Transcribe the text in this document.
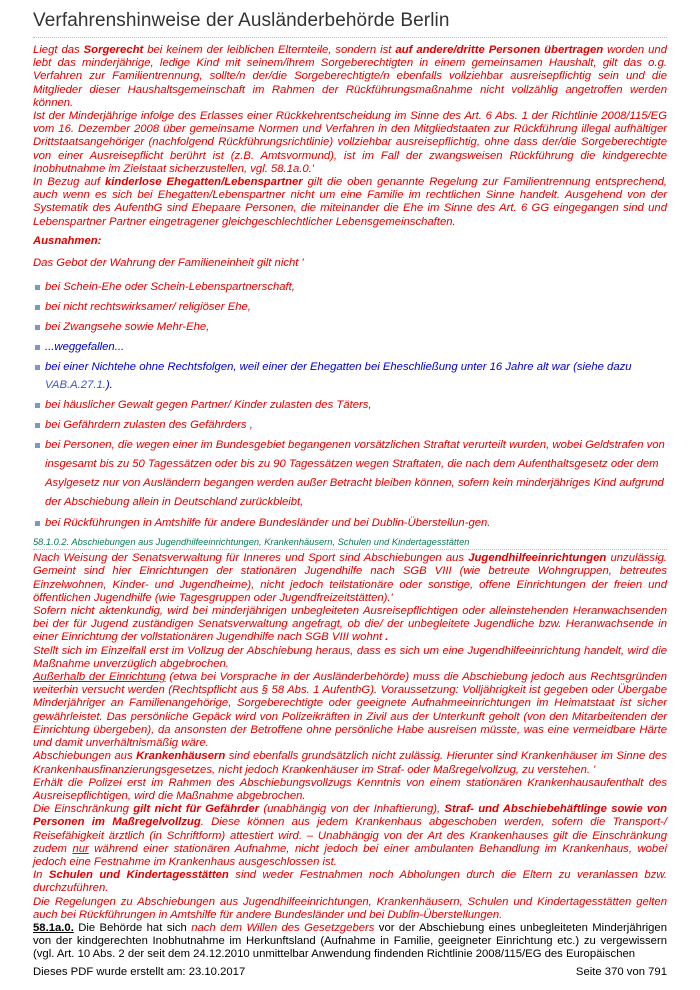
Verfahrenshinweise der Ausländerbehörde Berlin

Liegt das Sorgerecht bei keinem der leiblichen Elternteile, sondern ist auf andere/dritte Personen übertragen worden und lebt das minderjährige, ledige Kind mit seinem/ihrem Sorgeberechtigten in einem gemeinsamen Haushalt, gilt das o.g. Verfahren zur Familientrennung, sollte/n der/die Sorgeberechtigte/n ebenfalls vollziehbar ausreisepflichtig sein und die Mitglieder dieser Haushaltsgemeinschaft im Rahmen der Rückführungsmaßnahme nicht vollzählig angetroffen werden können.

Ist der Minderjährige infolge des Erlasses einer Rückkehrentscheidung im Sinne des Art. 6 Abs. 1 der Richtlinie 2008/115/EG vom 16. Dezember 2008 über gemeinsame Normen und Verfahren in den Mitgliedstaaten zur Rückführung illegal aufhältiger Drittstaatsangehöriger (nachfolgend Rückführungsrichtlinie) vollziehbar ausreisepflichtig, ohne dass der/die Sorgeberechtigte von einer Ausreisepflicht berührt ist (z.B. Amtsvormund), ist im Fall der zwangsweisen Rückführung die kindgerechte Inobhutnahme im Zielstaat sicherzustellen, vgl. 58.1a.0.'

In Bezug auf kinderlose Ehegatten/Lebenspartner gilt die oben genannte Regelung zur Familientrennung entsprechend, auch wenn es sich bei Ehegatten/Lebenspartner nicht um eine Familie im rechtlichen Sinne handelt. Ausgehend von der Systematik des AufenthG sind Ehepaare Personen, die miteinander die Ehe im Sinne des Art. 6 GG eingegangen sind und Lebenspartner Partner eingetragener gleichgeschlechtlicher Lebensgemeinschaften.

Ausnahmen:

Das Gebot der Wahrung der Familieneinheit gilt nicht '

bei Schein-Ehe oder Schein-Lebenspartnerschaft,
bei nicht rechtswirksamer/ religiöser Ehe,
bei Zwangsehe sowie Mehr-Ehe,
...weggefallen...
bei einer Nichtehe ohne Rechtsfolgen, weil einer der Ehegatten bei Eheschließung unter 16 Jahre alt war (siehe dazu VAB.A.27.1.).
bei häuslicher Gewalt gegen Partner/ Kinder zulasten des Täters,
bei Gefährdern zulasten des Gefährders ,
bei Personen, die wegen einer im Bundesgebiet begangenen vorsätzlichen Straftat verurteilt wurden, wobei Geldstrafen von insgesamt bis zu 50 Tagessätzen oder bis zu 90 Tagessätzen wegen Straftaten, die nach dem Aufenthaltsgesetz oder dem Asylgesetz nur von Ausländern begangen werden außer Betracht bleiben können, sofern kein minderjähriges Kind aufgrund der Abschiebung allein in Deutschland zurückbleibt,
bei Rückführungen in Amtshilfe für andere Bundesländer und bei Dublin-Überstellun-gen.
58.1.0.2. Abschiebungen aus Jugendhilfeeinrichtungen, Krankenhäusern, Schulen und Kindertagesstätten

Nach Weisung der Senatsverwaltung für Inneres und Sport sind Abschiebungen aus Jugendhilfeeinrichtungen unzulässig. Gemeint sind hier Einrichtungen der stationären Jugendhilfe nach SGB VIII (wie betreute Wohngruppen, betreutes Einzelwohnen, Kinder- und Jugendheime), nicht jedoch teilstationäre oder sonstige, offene Einrichtungen der freien und öffentlichen Jugendhilfe (wie Tagesgruppen oder Jugendfreizeitstätten).'

Sofern nicht aktenkundig, wird bei minderjährigen unbegleiteten Ausreisepflichtigen oder alleinstehenden Heranwachsenden bei der für Jugend zuständigen Senatsverwaltung angefragt, ob die/ der unbegleitete Jugendliche bzw. Heranwachsende in einer Einrichtung der vollstationären Jugendhilfe nach SGB VIII wohnt .

Stellt sich im Einzelfall erst im Vollzug der Abschiebung heraus, dass es sich um eine Jugendhilfeeinrichtung handelt, wird die Maßnahme unverzüglich abgebrochen.

Außerhalb der Einrichtung (etwa bei Vorsprache in der Ausländerbehörde) muss die Abschiebung jedoch aus Rechtsgründen weiterhin versucht werden (Rechtspflicht aus § 58 Abs. 1 AufenthG). Voraussetzung: Volljährigkeit ist gegeben oder Übergabe Minderjähriger an Familienangehörige, Sorgeberechtigte oder geeignete Aufnahmeeinrichtungen im Heimatstaat ist sicher gewährleistet. Das persönliche Gepäck wird von Polizeikräften in Zivil aus der Unterkunft geholt (von den Mitarbeitenden der Einrichtung übergeben), da ansonsten der Betroffene ohne persönliche Habe ausreisen müsste, was eine vermeidbare Härte und damit unverhältnismäßig wäre.

Abschiebungen aus Krankenhäusern sind ebenfalls grundsätzlich nicht zulässig. Hierunter sind Krankenhäuser im Sinne des Krankenhausfinanzierungsgesetzes, nicht jedoch Krankenhäuser im Straf- oder Maßregelvollzug, zu verstehen. '

Erhält die Polizei erst im Rahmen des Abschiebungsvollzugs Kenntnis von einem stationären Krankenhausaufenthalt des Ausreisepflichtigen, wird die Maßnahme abgebrochen.

Die Einschränkung gilt nicht für Gefährder (unabhängig von der Inhaftierung), Straf- und Abschiebehäftlinge sowie von Personen im Maßregelvollzug. Diese können aus jedem Krankenhaus abgeschoben werden, sofern die Transport-/ Reisefähigkeit ärztlich (in Schriftform) attestiert wird. – Unabhängig von der Art des Krankenhauses gilt die Einschränkung zudem nur während einer stationären Aufnahme, nicht jedoch bei einer ambulanten Behandlung im Krankenhaus, wobei jedoch eine Festnahme im Krankenhaus ausgeschlossen ist.

In Schulen und Kindertagesstätten sind weder Festnahmen noch Abholungen durch die Eltern zu veranlassen bzw. durchzuführen.

Die Regelungen zu Abschiebungen aus Jugendhilfeeinrichtungen, Krankenhäusern, Schulen und Kindertagesstätten gelten auch bei Rückführungen in Amtshilfe für andere Bundesländer und bei Dublin-Überstellungen.

58.1a.0. Die Behörde hat sich nach dem Willen des Gesetzgebers vor der Abschiebung eines unbegleiteten Minderjährigen von der kindgerechten Inobhutnahme im Herkunftsland (Aufnahme in Familie, geeigneter Einrichtung etc.) zu vergewissern (vgl. Art. 10 Abs. 2 der seit dem 24.12.2010 unmittelbar Anwendung findenden Richtlinie 2008/115/EG des Europäischen

Dieses PDF wurde erstellt am: 23.10.2017	Seite 370 von 791
